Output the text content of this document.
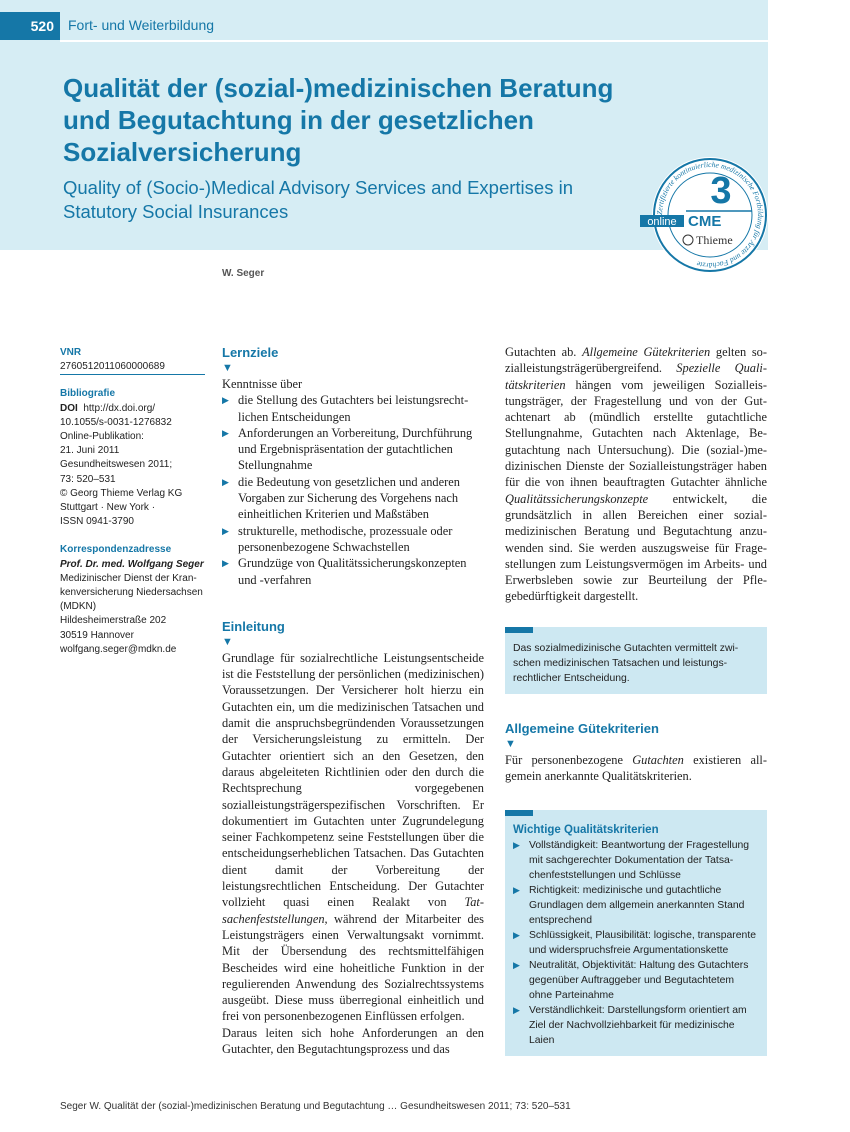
520	Fort- und Weiterbildung
Qualität der (sozial-)medizinischen Beratung und Begutachtung in der gesetzlichen Sozialversicherung
Quality of (Socio-)Medical Advisory Services and Expertises in Statutory Social Insurances	Zertifizierte kontinuierliche medizinische Fortbildung für Ärzte und Fachärzte
3
online CME
Thieme
W. Seger
VNR
2760512011060000689
Bibliografie
DOI http://dx.doi.org/
10.1055/s-0031-1276832
Online-Publikation:
21. Juni 2011
Gesundheitswesen 2011;
73: 520–531
© Georg Thieme Verlag KG
Stuttgart · New York ·
ISSN 0941-3790
Korrespondenzadresse
Prof. Dr. med. Wolfgang Seger
Medizinischer Dienst der Kran-
kenversicherung Niedersachsen
(MDKN)
Hildesheimerstraße 202
30519 Hannover
wolfgang.seger@mdkn.de
Lernziele
▼
Kenntnisse über
▶ die Stellung des Gutachters bei leistungsrechtlichen Entscheidungen
▶ Anforderungen an Vorbereitung, Durchführung und Ergebnispräsentation der gutachtlichen Stellungnahme
▶ die Bedeutung von gesetzlichen und anderen Vorgaben zur Sicherung des Vorgehens nach einheitlichen Kriterien und Maßstäben
▶ strukturelle, methodische, prozessuale oder personenbezogene Schwachstellen
▶ Grundzüge von Qualitätssicherungskonzepten und -verfahren
Einleitung
▼

Grundlage für sozialrechtliche Leistungsentscheide ist die Feststellung der persönlichen (medizinischen) Voraussetzungen. Der Versicherer holt hierzu ein Gutachten ein, um die medizinischen Tatsachen und damit die anspruchsbegründenden Voraussetzungen der Versicherungsleistung zu ermitteln. Der Gutachter orientiert sich an den Gesetzen, den daraus abgeleiteten Richtlinien oder den durch die Rechtsprechung vorgegebenen sozialleistungsträgerspezifischen Vorschriften. Er dokumentiert im Gutachten unter Zugrundelegung seiner Fachkompetenz seine Feststellungen über die entscheidungserheblichen Tatsachen. Das Gutachten dient damit der Vorbereitung der leistungsrechtlichen Entscheidung. Der Gutachter vollzieht quasi einen Realakt von Tatsachenfeststellungen, während der Mitarbeiter des Leistungsträgers einen Verwaltungsakt vornimmt. Mit der Übersendung des rechtsmittelfähigen Bescheides wird eine hoheitliche Funktion in der regulierenden Anwendung des Sozialrechtssystems ausgeübt. Diese muss überregional einheitlich und frei von personenbezogenen Einflüssen erfolgen.

Daraus leiten sich hohe Anforderungen an den Gutachter, den Begutachtungsprozess und das

Gutachten ab. Allgemeine Gütekriterien gelten sozialleistungsträgerübergreifend. Spezielle Qualitätskriterien hängen vom jeweiligen Sozialleistungsträger, der Fragestellung und von der Gutachtenart ab (mündlich erstellte gutachtliche Stellungnahme, Gutachten nach Aktenlage, Begutachtung nach Untersuchung). Die (sozial-)medizinischen Dienste der Sozialleistungsträger haben für die von ihnen beauftragten Gutachter ähnliche Qualitätssicherungskonzepte entwickelt, die grundsätzlich in allen Bereichen einer sozialmedizinischen Beratung und Begutachtung anzuwenden sind. Sie werden auszugsweise für Fragestellungen zum Leistungsvermögen im Arbeits- und Erwerbsleben sowie zur Beurteilung der Pflegebedürftigkeit dargestellt.

Das sozialmedizinische Gutachten vermittelt zwischen medizinischen Tatsachen und leistungsrechtlicher Entscheidung.
Allgemeine Gütekriterien
▼

Für personenbezogene Gutachten existieren allgemein anerkannte Qualitätskriterien.

Wichtige Qualitätskriterien
▶ Vollständigkeit: Beantwortung der Fragestellung mit sachgerechter Dokumentation der Tatsachenfeststellungen und Schlüsse
▶ Richtigkeit: medizinische und gutachtliche Grundlagen dem allgemein anerkannten Stand entsprechend
▶ Schlüssigkeit, Plausibilität: logische, transparente und widerspruchsfreie Argumentationskette
▶ Neutralität, Objektivität: Haltung des Gutachters gegenüber Auftraggeber und Begutachtetem ohne Parteinahme
▶ Verständlichkeit: Darstellungsform orientiert am Ziel der Nachvollziehbarkeit für medizinische Laien
Seger W. Qualität der (sozial-)medizinischen Beratung und Begutachtung … Gesundheitswesen 2011; 73: 520–531
